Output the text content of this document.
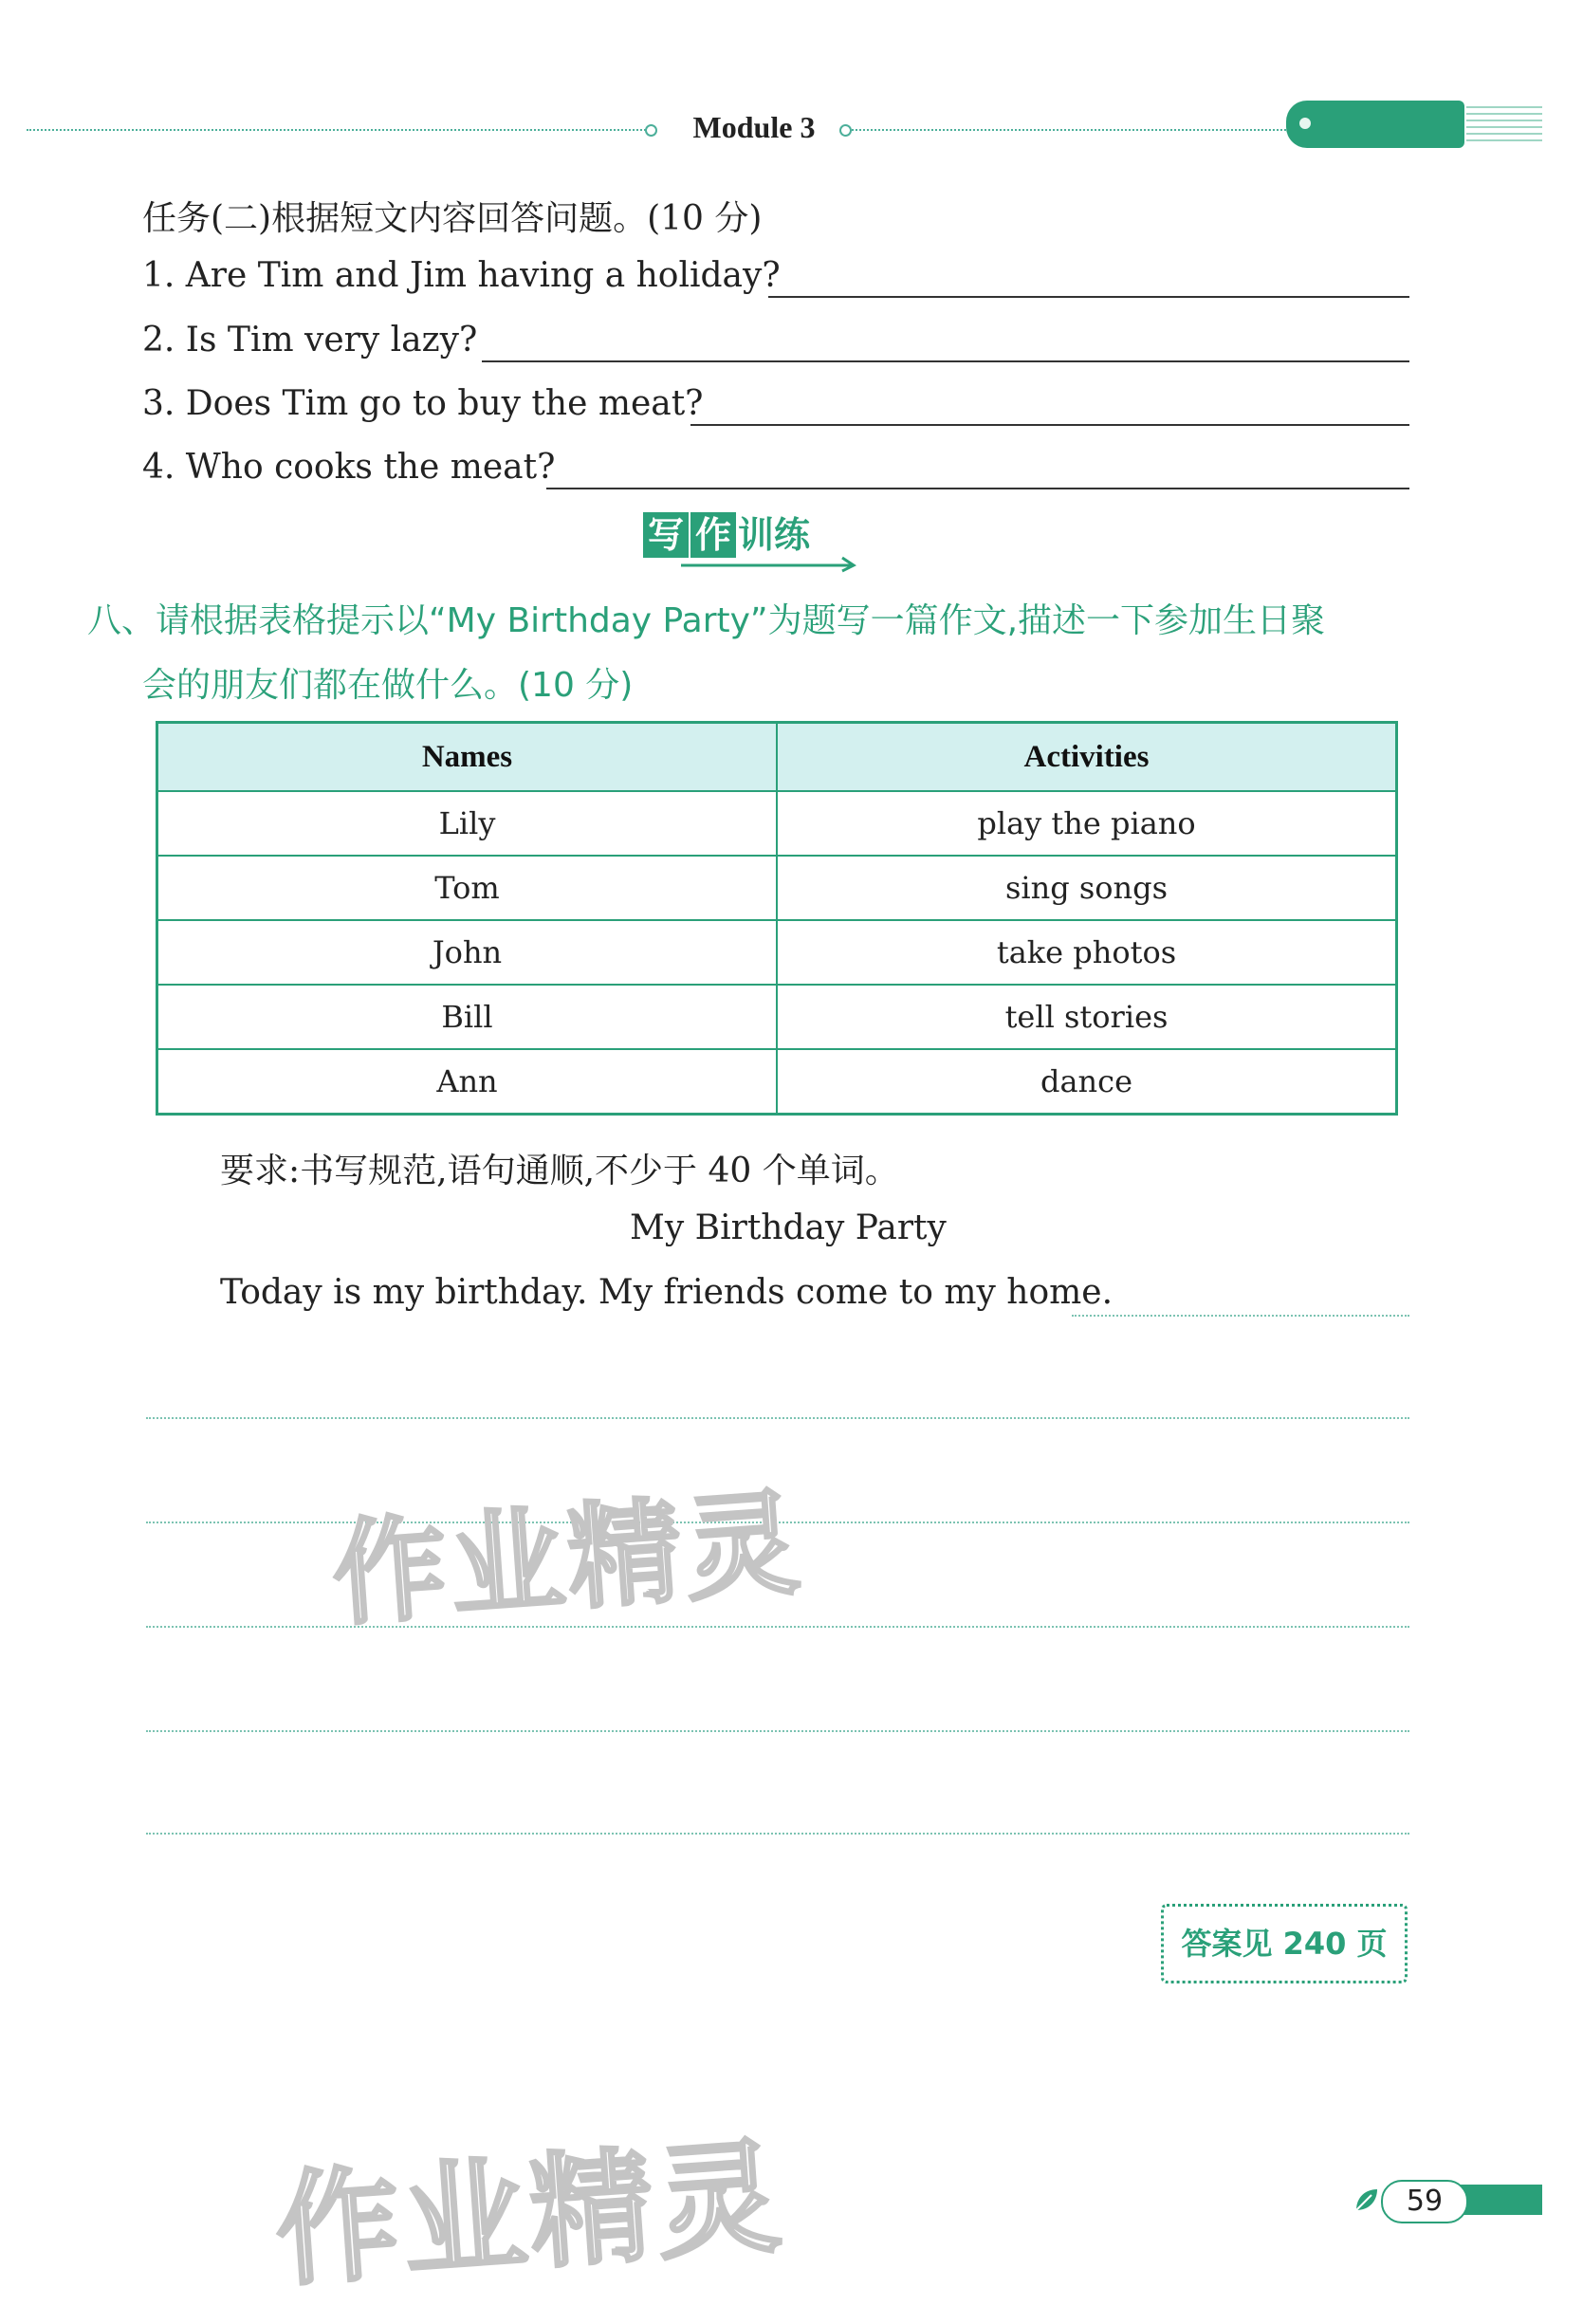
Module 3
任务(二)根据短文内容回答问题。(10 分)
1. Are Tim and Jim having a holiday?
2. Is Tim very lazy?
3. Does Tim go to buy the meat?
4. Who cooks the meat?
写 作 训练
八、请根据表格提示以“My Birthday Party”为题写一篇作文,描述一下参加生日聚
会的朋友们都在做什么。(10 分)
Names	Activities
Lily	play the piano
Tom	sing songs
John	take photos
Bill	tell stories
Ann	dance
要求:书写规范,语句通顺,不少于 40 个单词。
My Birthday Party
Today is my birthday. My friends come to my home.
作业精灵
作业精灵
答案见 240 页
59
